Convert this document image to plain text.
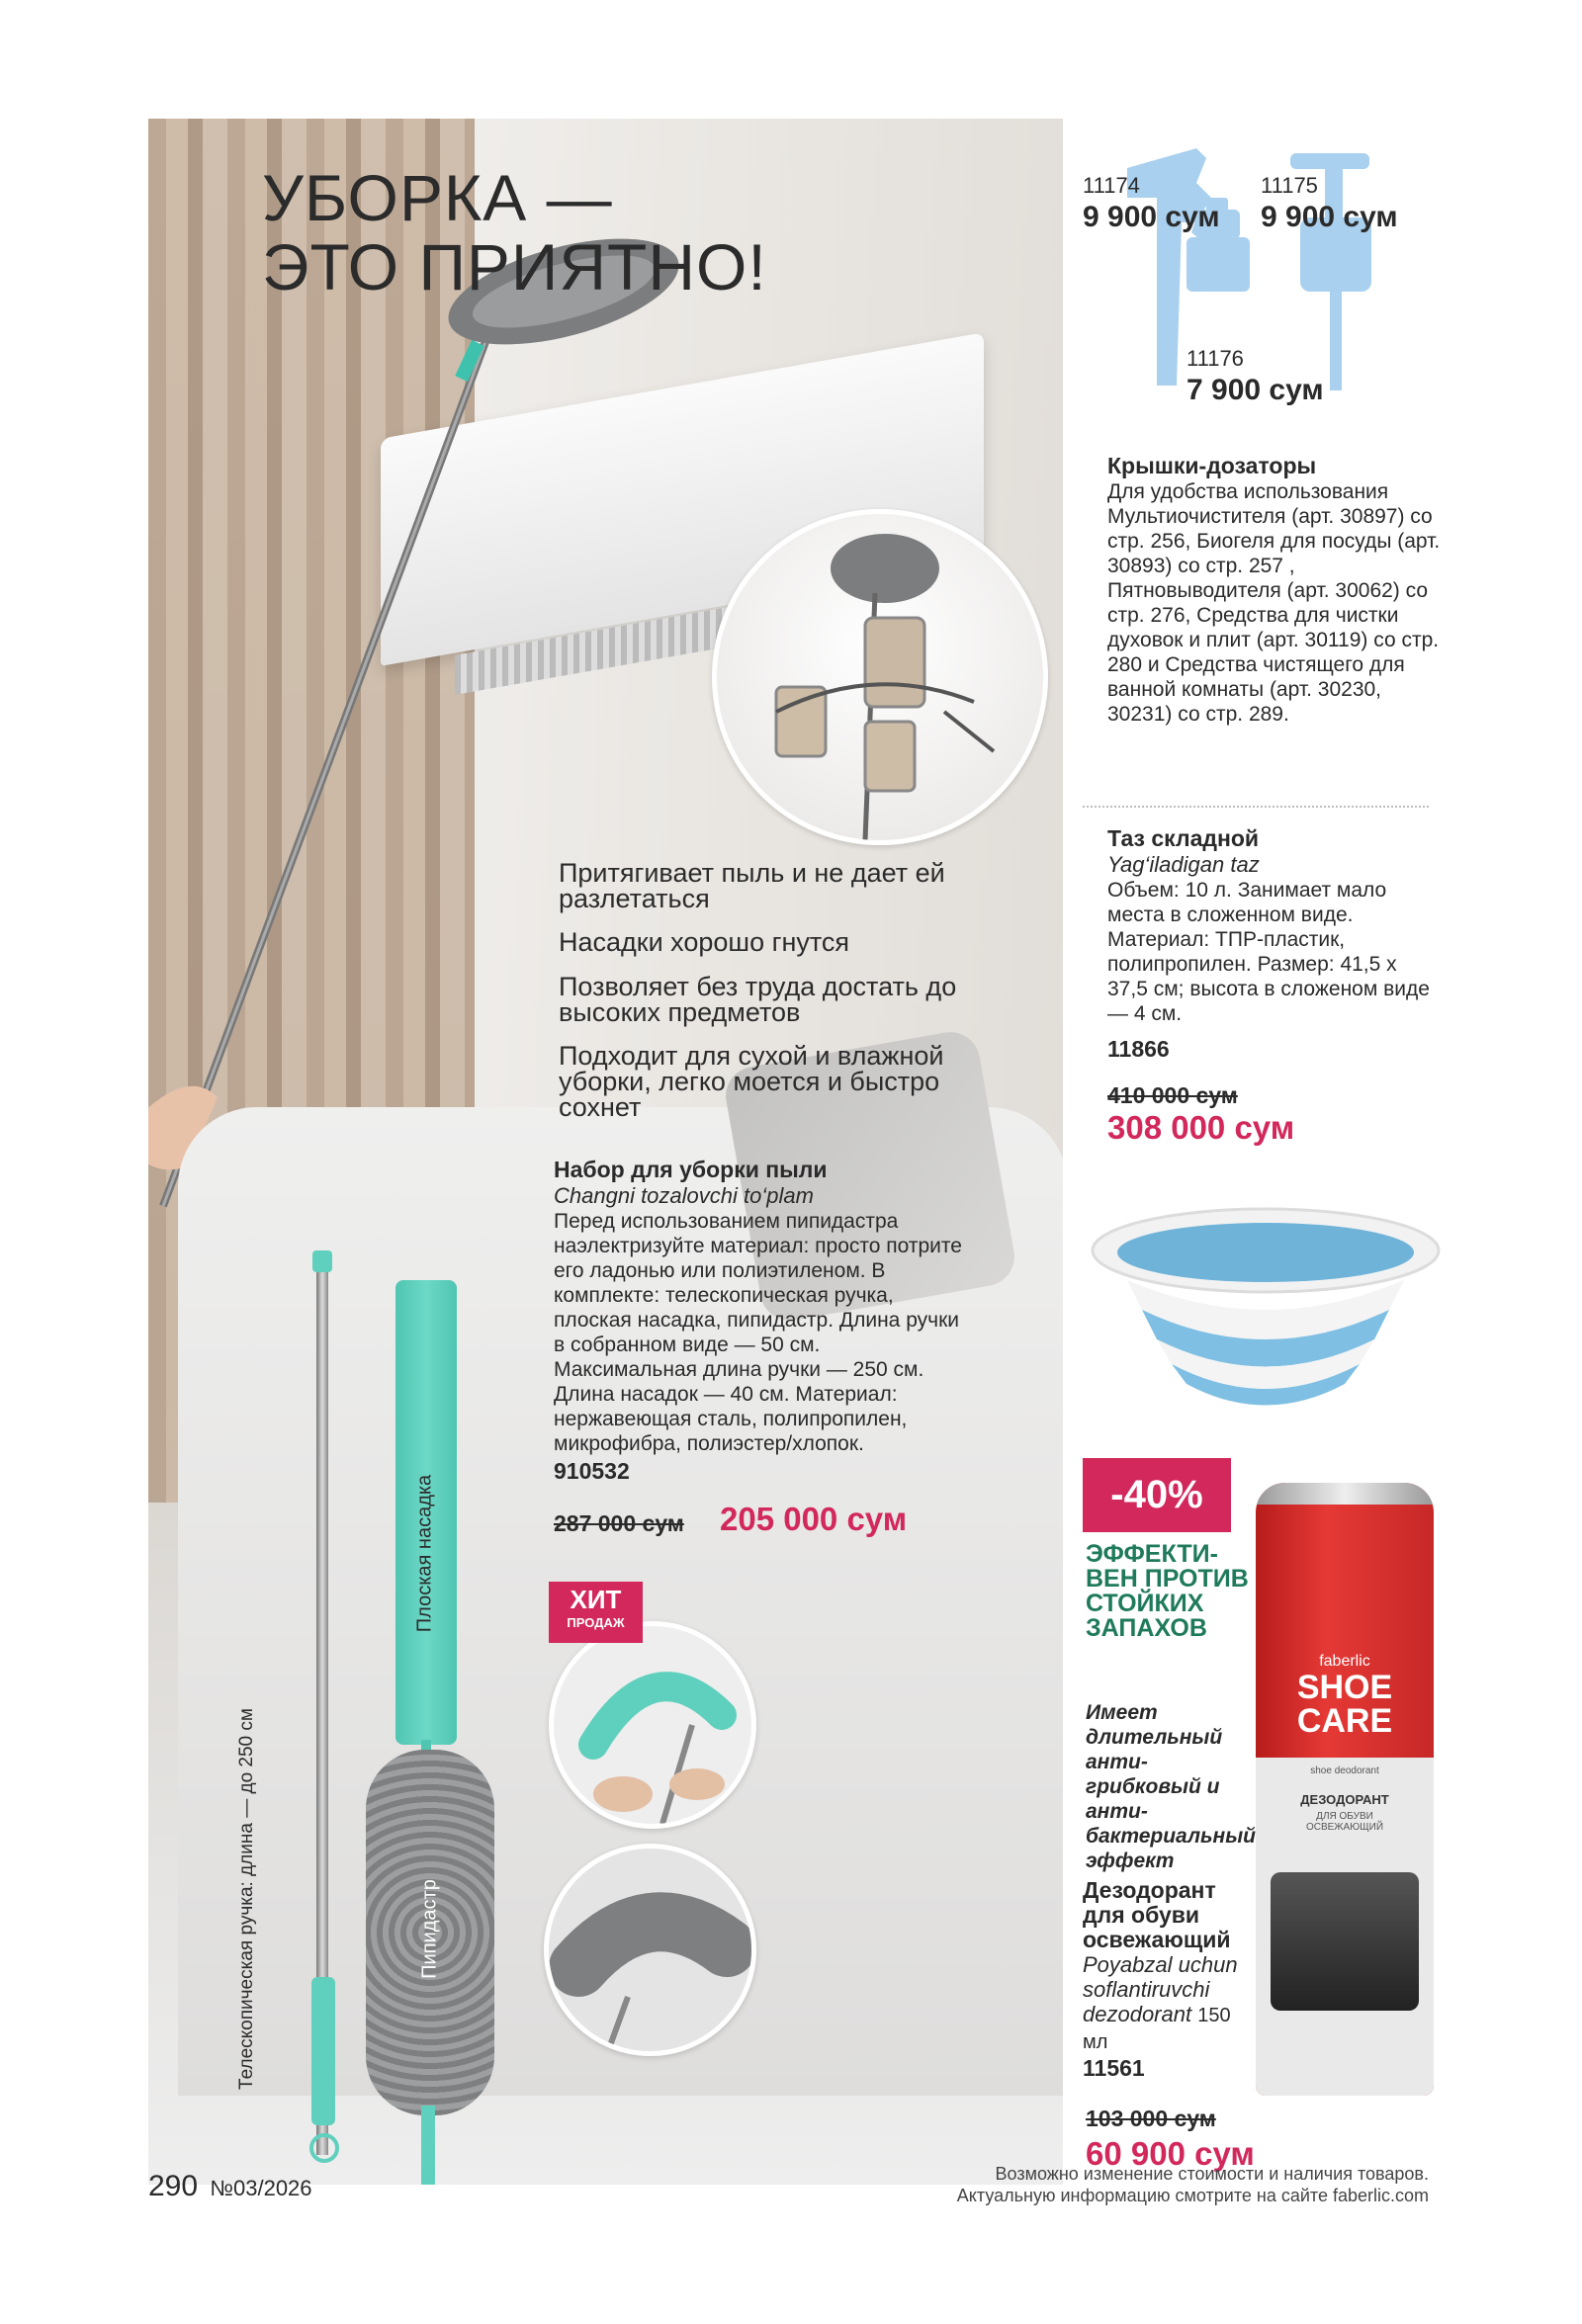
Плоская насадка
Пипидастр
Телескопическая ручка: длина — до 250 см
ХИТ
ПРОДАЖ
УБОРКА —
ЭТО ПРИЯТНО!
Притягивает пыль и не дает ей разлетаться
Насадки хорошо гнутся
Позволяет без труда достать до высоких предметов
Подходит для сухой и влажной уборки, легко моется и быстро сохнет
Набор для уборки пыли
Changni tozalovchi to‘plam
Перед использованием пипидастра наэлектризуйте материал: просто потрите его ладонью или полиэтиленом. В комплекте: телескопическая ручка, плоская насадка, пипидастр. Длина ручки в собранном виде — 50 см. Максимальная длина ручки — 250 см. Длина насадок — 40 см. Материал: нержавеющая сталь, полипропилен, микрофибра, полиэстер/хлопок.
910532
287 000 сум 205 000 сум
11174
9 900 сум
11175
9 900 сум
11176
7 900 сум
Крышки-дозаторы
Для удобства использования Мультиочистителя (арт. 30897) со стр. 256, Биогеля для посуды (арт. 30893) со стр. 257 , Пятновыводителя (арт. 30062) со стр. 276, Средства для чистки духовок и плит (арт. 30119) со стр. 280 и Средства чистящего для ванной комнаты (арт. 30230, 30231) со стр. 289.
Таз складной
Yag‘iladigan taz
Объем: 10 л. Занимает мало места в сложенном виде. Материал: ТПР-пластик, полипропилен. Размер: 41,5 х 37,5 см; высота в сложеном виде — 4 см.
11866
410 000 сум
308 000 сум
-40%
ЭФФЕКТИ-ВЕН ПРОТИВ СТОЙКИХ ЗАПАХОВ
Имеет длительный анти-грибковый и анти-бактериальный эффект
Дезодорант для обуви освежающий
Poyabzal uchun soflantiruvchi dezodorant 150 мл
11561
103 000 сум
60 900 сум
faberlic
SHOE
CARE
shoe deodorant
ДЕЗОДОРАНТ
ДЛЯ ОБУВИ ОСВЕЖАЮЩИЙ
290 №03/2026
Возможно изменение стоимости и наличия товаров.
Актуальную информацию смотрите на сайте faberlic.com
